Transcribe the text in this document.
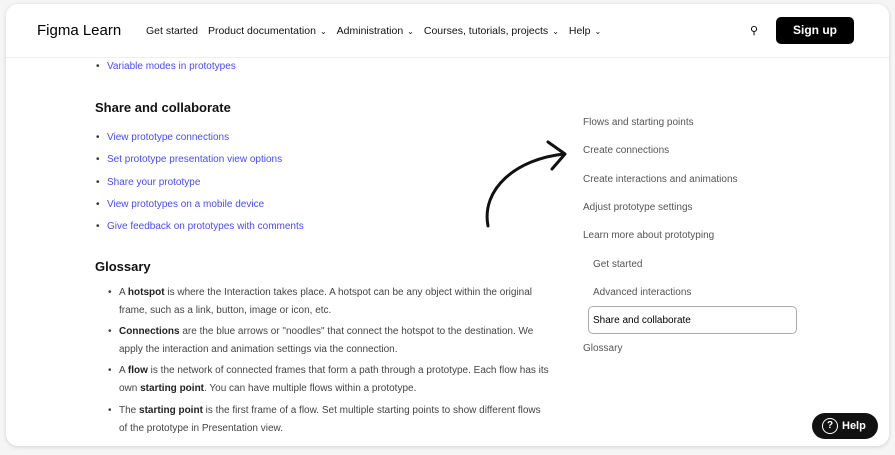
Figma Learn Get started Product documentation ⌄ Administration ⌄ Courses, tutorials, projects ⌄ Help ⌄	⚲	Sign up
• Variable modes in prototypes
Share and collaborate
• View prototype connections
• Set prototype presentation view options
• Share your prototype
• View prototypes on a mobile device
• Give feedback on prototypes with comments
Glossary
• A hotspot is where the Interaction takes place. A hotspot can be any object within the original frame, such as a link, button, image or icon, etc.
• Connections are the blue arrows or "noodles" that connect the hotspot to the destination. We apply the interaction and animation settings via the connection.
• A flow is the network of connected frames that form a path through a prototype. Each flow has its own starting point. You can have multiple flows within a prototype.
• The starting point is the first frame of a flow. Set multiple starting points to show different flows of the prototype in Presentation view.
Flows and starting points
Create connections
Create interactions and animations
Adjust prototype settings
Learn more about prototyping
Get started
Advanced interactions
Share and collaborate
Glossary
? Help
